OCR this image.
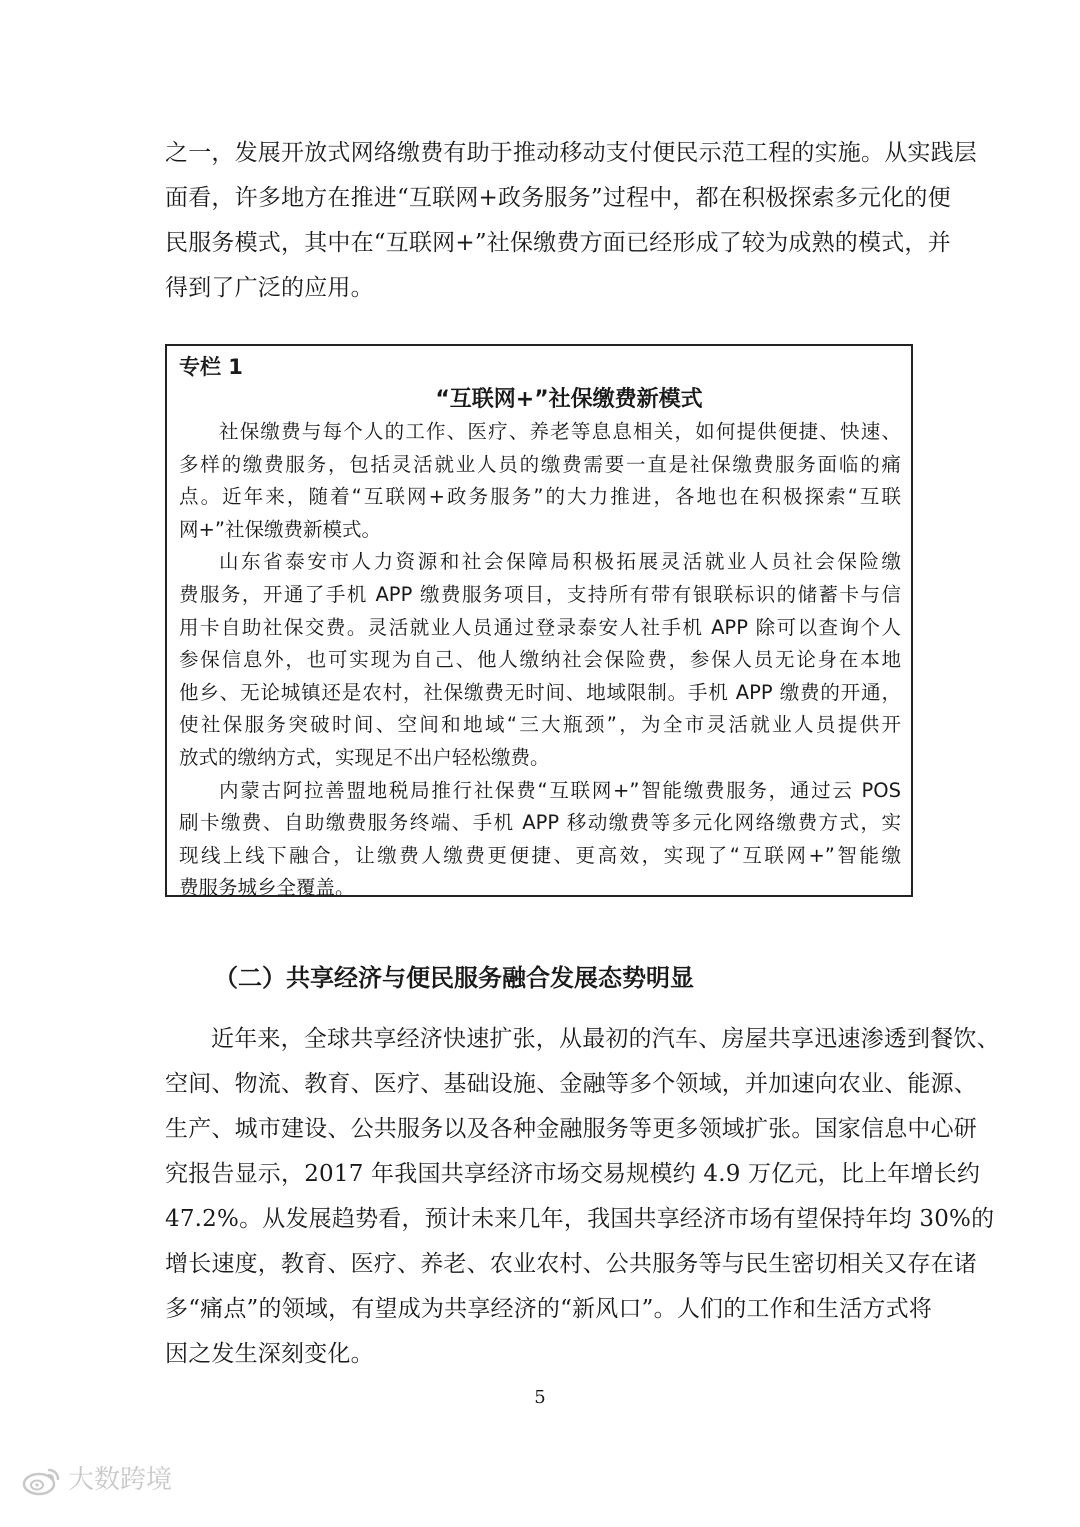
之一，发展开放式网络缴费有助于推动移动支付便民示范工程的实施。从实践层
面看，许多地方在推进“互联网+政务服务”过程中，都在积极探索多元化的便
民服务模式，其中在“互联网+”社保缴费方面已经形成了较为成熟的模式，并
得到了广泛的应用。
专栏 1
“互联网+”社保缴费新模式
社保缴费与每个人的工作、医疗、养老等息息相关，如何提供便捷、快速、
多样的缴费服务，包括灵活就业人员的缴费需要一直是社保缴费服务面临的痛
点。近年来，随着“互联网+政务服务”的大力推进，各地也在积极探索“互联
网+”社保缴费新模式。
山东省泰安市人力资源和社会保障局积极拓展灵活就业人员社会保险缴
费服务，开通了手机 APP 缴费服务项目，支持所有带有银联标识的储蓄卡与信
用卡自助社保交费。灵活就业人员通过登录泰安人社手机 APP 除可以查询个人
参保信息外，也可实现为自己、他人缴纳社会保险费，参保人员无论身在本地
他乡、无论城镇还是农村，社保缴费无时间、地域限制。手机 APP 缴费的开通，
使社保服务突破时间、空间和地域“三大瓶颈”，为全市灵活就业人员提供开
放式的缴纳方式，实现足不出户轻松缴费。
内蒙古阿拉善盟地税局推行社保费“互联网+”智能缴费服务，通过云 POS
刷卡缴费、自助缴费服务终端、手机 APP 移动缴费等多元化网络缴费方式，实
现线上线下融合，让缴费人缴费更便捷、更高效，实现了“互联网+”智能缴
费服务城乡全覆盖。
（二）共享经济与便民服务融合发展态势明显
近年来，全球共享经济快速扩张，从最初的汽车、房屋共享迅速渗透到餐饮、
空间、物流、教育、医疗、基础设施、金融等多个领域，并加速向农业、能源、
生产、城市建设、公共服务以及各种金融服务等更多领域扩张。国家信息中心研
究报告显示，2017 年我国共享经济市场交易规模约 4.9 万亿元，比上年增长约
47.2%。从发展趋势看，预计未来几年，我国共享经济市场有望保持年均 30%的
增长速度，教育、医疗、养老、农业农村、公共服务等与民生密切相关又存在诸
多“痛点”的领域，有望成为共享经济的“新风口”。人们的工作和生活方式将
因之发生深刻变化。
5
大数跨境
